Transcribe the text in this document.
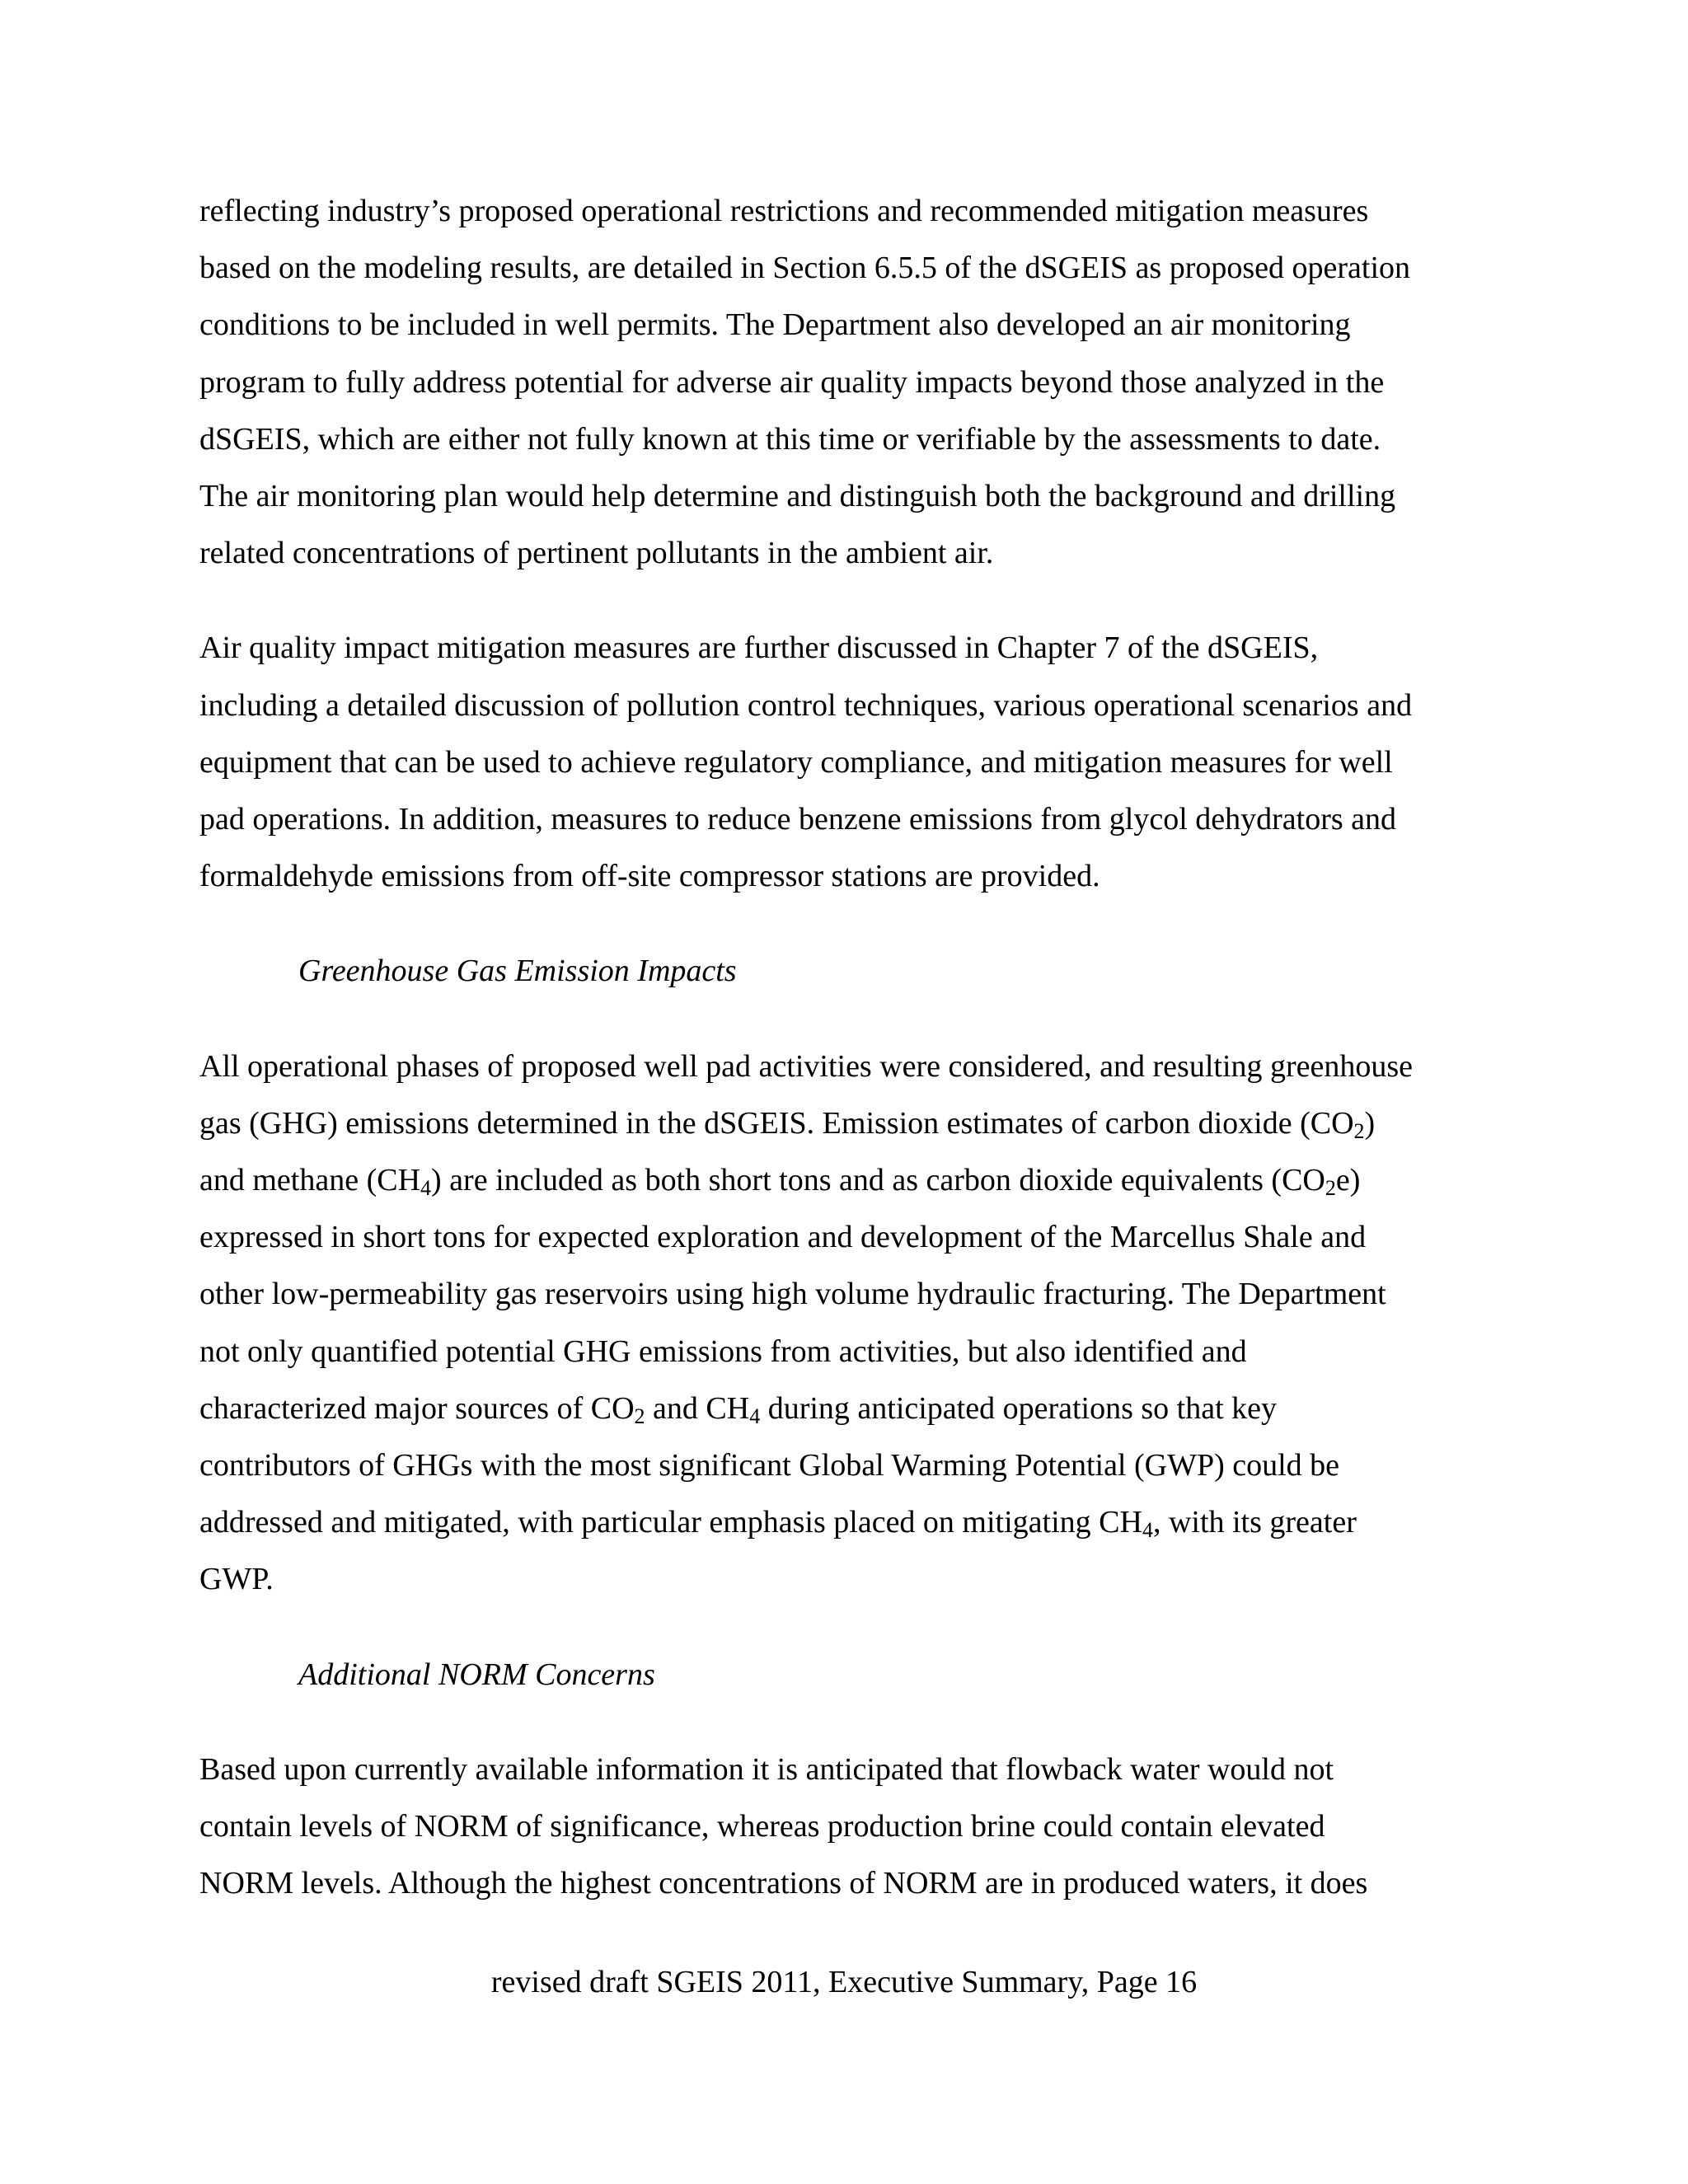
reflecting industry’s proposed operational restrictions and recommended mitigation measures
based on the modeling results, are detailed in Section 6.5.5 of the dSGEIS as proposed operation
conditions to be included in well permits. The Department also developed an air monitoring
program to fully address potential for adverse air quality impacts beyond those analyzed in the
dSGEIS, which are either not fully known at this time or verifiable by the assessments to date.
The air monitoring plan would help determine and distinguish both the background and drilling
related concentrations of pertinent pollutants in the ambient air.

Air quality impact mitigation measures are further discussed in Chapter 7 of the dSGEIS,
including a detailed discussion of pollution control techniques, various operational scenarios and
equipment that can be used to achieve regulatory compliance, and mitigation measures for well
pad operations. In addition, measures to reduce benzene emissions from glycol dehydrators and
formaldehyde emissions from off-site compressor stations are provided.

Greenhouse Gas Emission Impacts

All operational phases of proposed well pad activities were considered, and resulting greenhouse
gas (GHG) emissions determined in the dSGEIS. Emission estimates of carbon dioxide $(CO_2)$
and methane $(CH_4)$ are included as both short tons and as carbon dioxide equivalents $(CO_2e)$
expressed in short tons for expected exploration and development of the Marcellus Shale and
other low-permeability gas reservoirs using high volume hydraulic fracturing. The Department
not only quantified potential GHG emissions from activities, but also identified and
characterized major sources of $CO_2$ and $CH_4$ during anticipated operations so that key
contributors of GHGs with the most significant Global Warming Potential (GWP) could be
addressed and mitigated, with particular emphasis placed on mitigating $CH_4$, with its greater
GWP.

Additional NORM Concerns

Based upon currently available information it is anticipated that flowback water would not
contain levels of NORM of significance, whereas production brine could contain elevated
NORM levels. Although the highest concentrations of NORM are in produced waters, it does

revised draft SGEIS 2011, Executive Summary, Page 16
